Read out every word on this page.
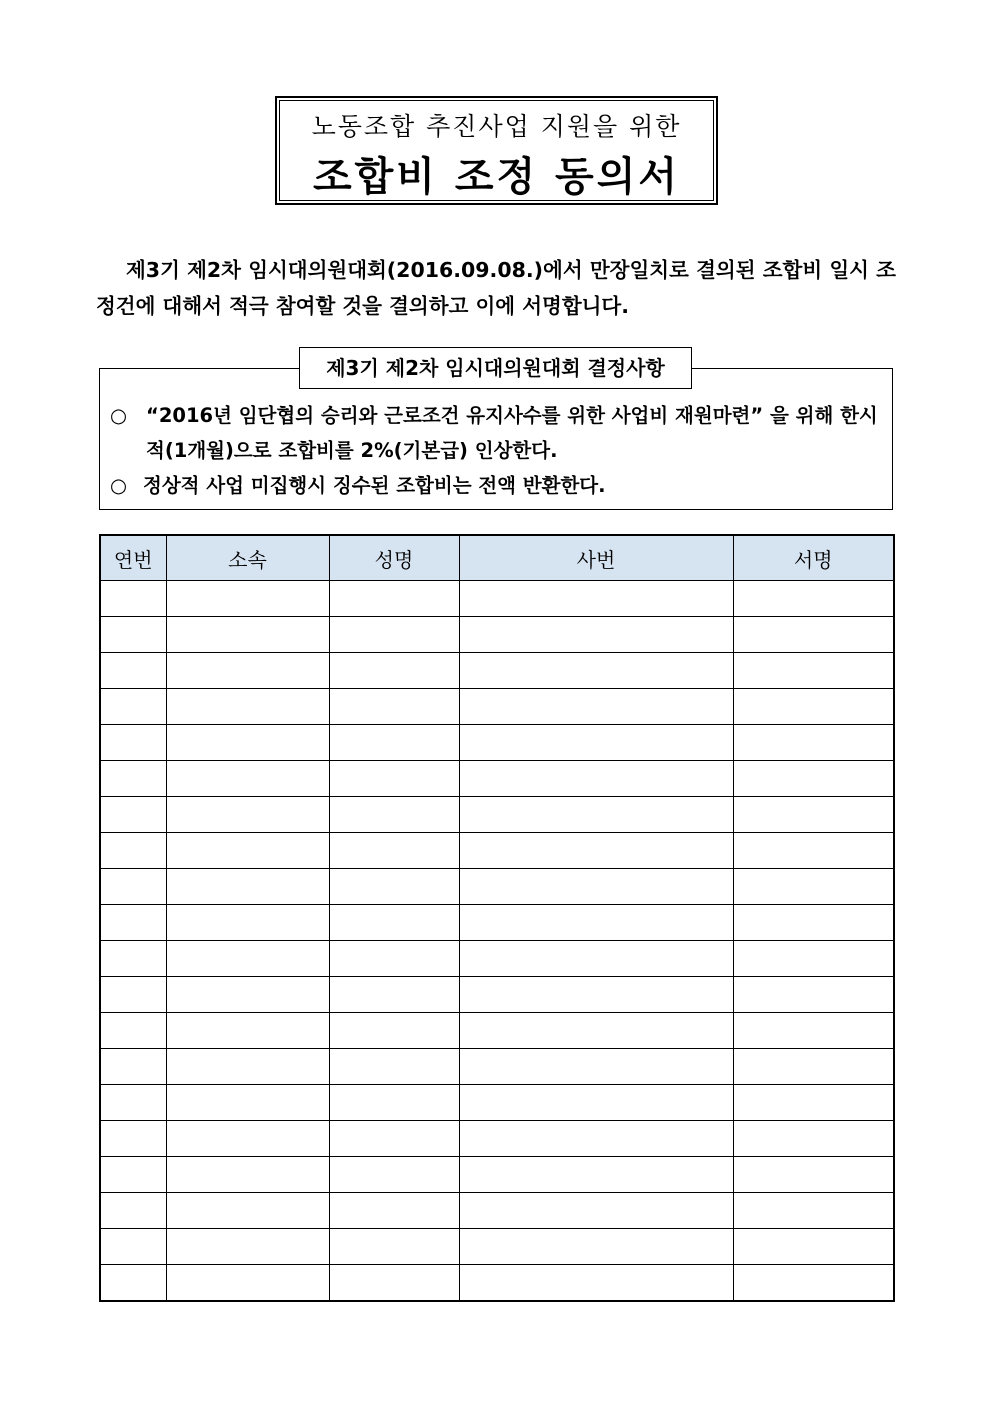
노동조합 추진사업 지원을 위한
조합비 조정 동의서
제3기 제2차 임시대의원대회(2016.09.08.)에서 만장일치로 결의된 조합비 일시 조정건에 대해서 적극 참여할 것을 결의하고 이에 서명합니다.
제3기 제2차 임시대의원대회 결정사항
○ “2016년 임단협의 승리와 근로조건 유지사수를 위한 사업비 재원마련” 을 위해 한시적(1개월)으로 조합비를 2%(기본급) 인상한다.
○ 정상적 사업 미집행시 징수된 조합비는 전액 반환한다.
연번	소속	성명	사번	서명
